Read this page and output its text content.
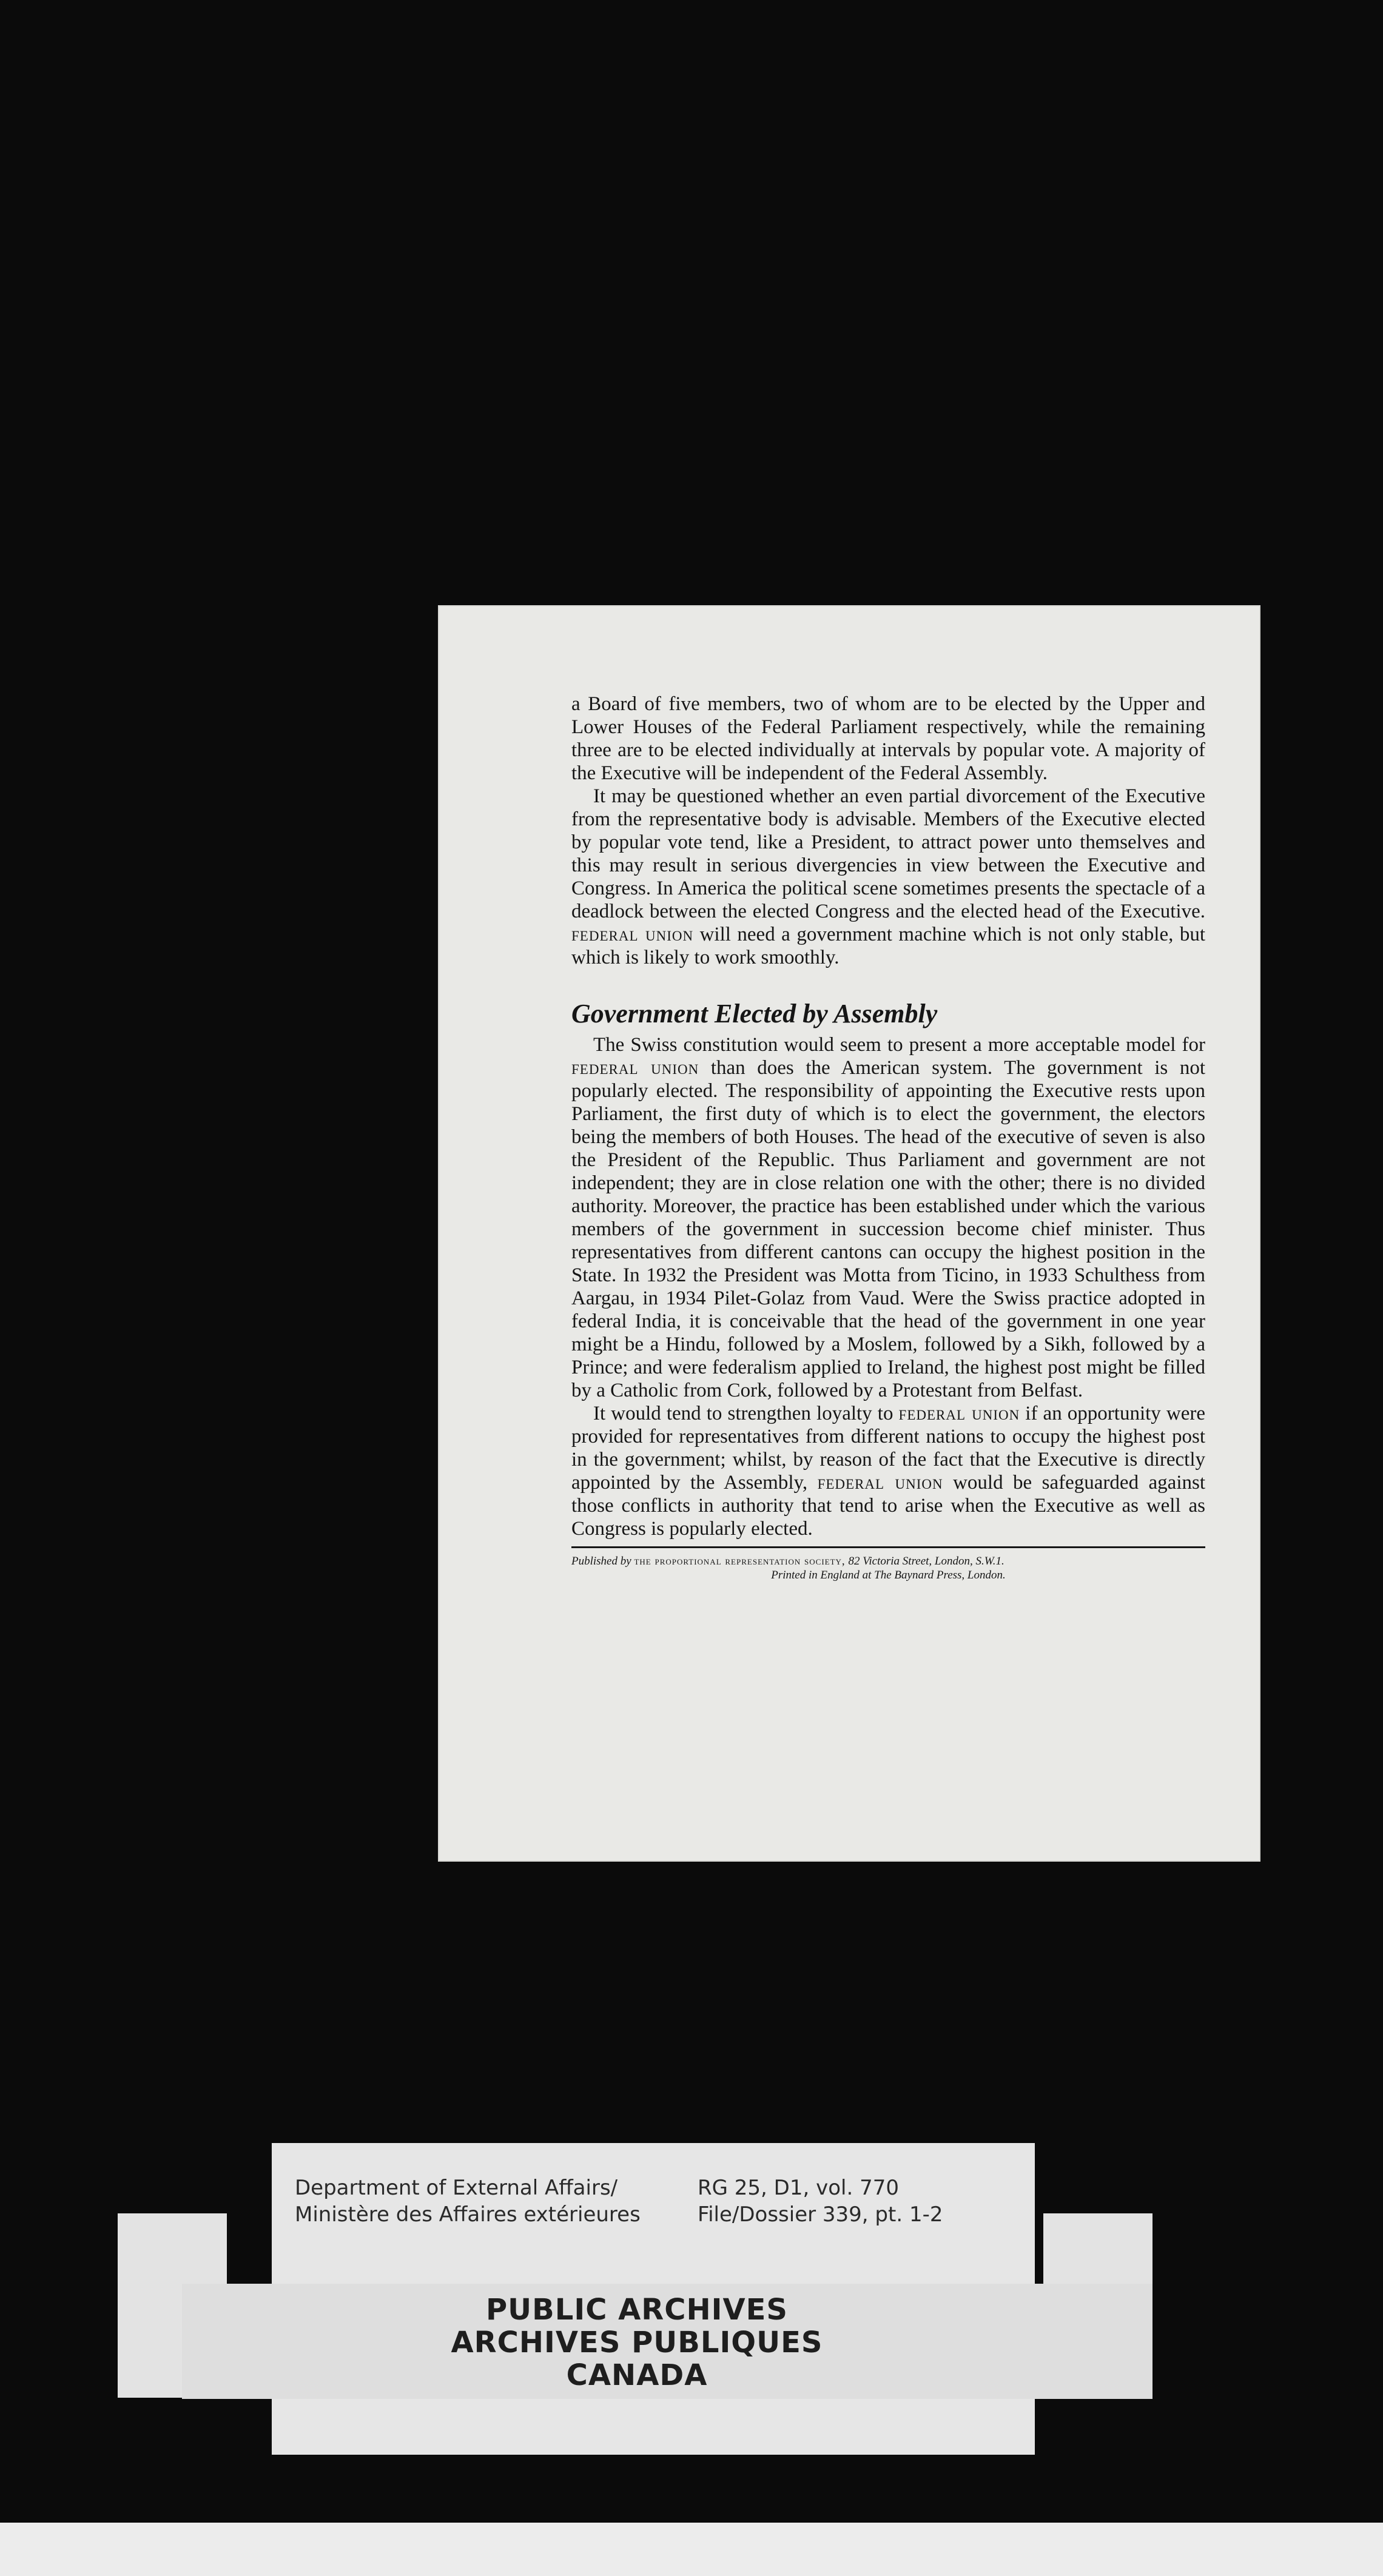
a Board of five members, two of whom are to be elected by the Upper and Lower Houses of the Federal Parliament respectively, while the remaining three are to be elected individually at intervals by popular vote. A majority of the Executive will be independent of the Federal Assembly.

It may be questioned whether an even partial divorcement of the Executive from the representative body is advisable. Members of the Executive elected by popular vote tend, like a President, to attract power unto themselves and this may result in serious divergencies in view between the Executive and Congress. In America the political scene sometimes presents the spectacle of a deadlock between the elected Congress and the elected head of the Executive. federal union will need a government machine which is not only stable, but which is likely to work smoothly.

Government Elected by Assembly

The Swiss constitution would seem to present a more acceptable model for federal union than does the American system. The government is not popularly elected. The responsibility of appointing the Executive rests upon Parliament, the first duty of which is to elect the government, the electors being the members of both Houses. The head of the executive of seven is also the President of the Republic. Thus Parliament and government are not independent; they are in close relation one with the other; there is no divided authority. Moreover, the practice has been established under which the various members of the government in succession become chief minister. Thus representatives from different cantons can occupy the highest position in the State. In 1932 the President was Motta from Ticino, in 1933 Schulthess from Aargau, in 1934 Pilet-Golaz from Vaud. Were the Swiss practice adopted in federal India, it is conceivable that the head of the government in one year might be a Hindu, followed by a Moslem, followed by a Sikh, followed by a Prince; and were federalism applied to Ireland, the highest post might be filled by a Catholic from Cork, followed by a Protestant from Belfast.

It would tend to strengthen loyalty to federal union if an opportunity were provided for representatives from different nations to occupy the highest post in the government; whilst, by reason of the fact that the Executive is directly appointed by the Assembly, federal union would be safeguarded against those conflicts in authority that tend to arise when the Executive as well as Congress is popularly elected.

Published by the proportional representation society, 82 Victoria Street, London, S.W.1.
Printed in England at The Baynard Press, London.
Department of External Affairs/	RG 25, D1, vol. 770
Ministère des Affaires extérieures	File/Dossier 339, pt. 1-2
PUBLIC ARCHIVES
ARCHIVES PUBLIQUES
CANADA
